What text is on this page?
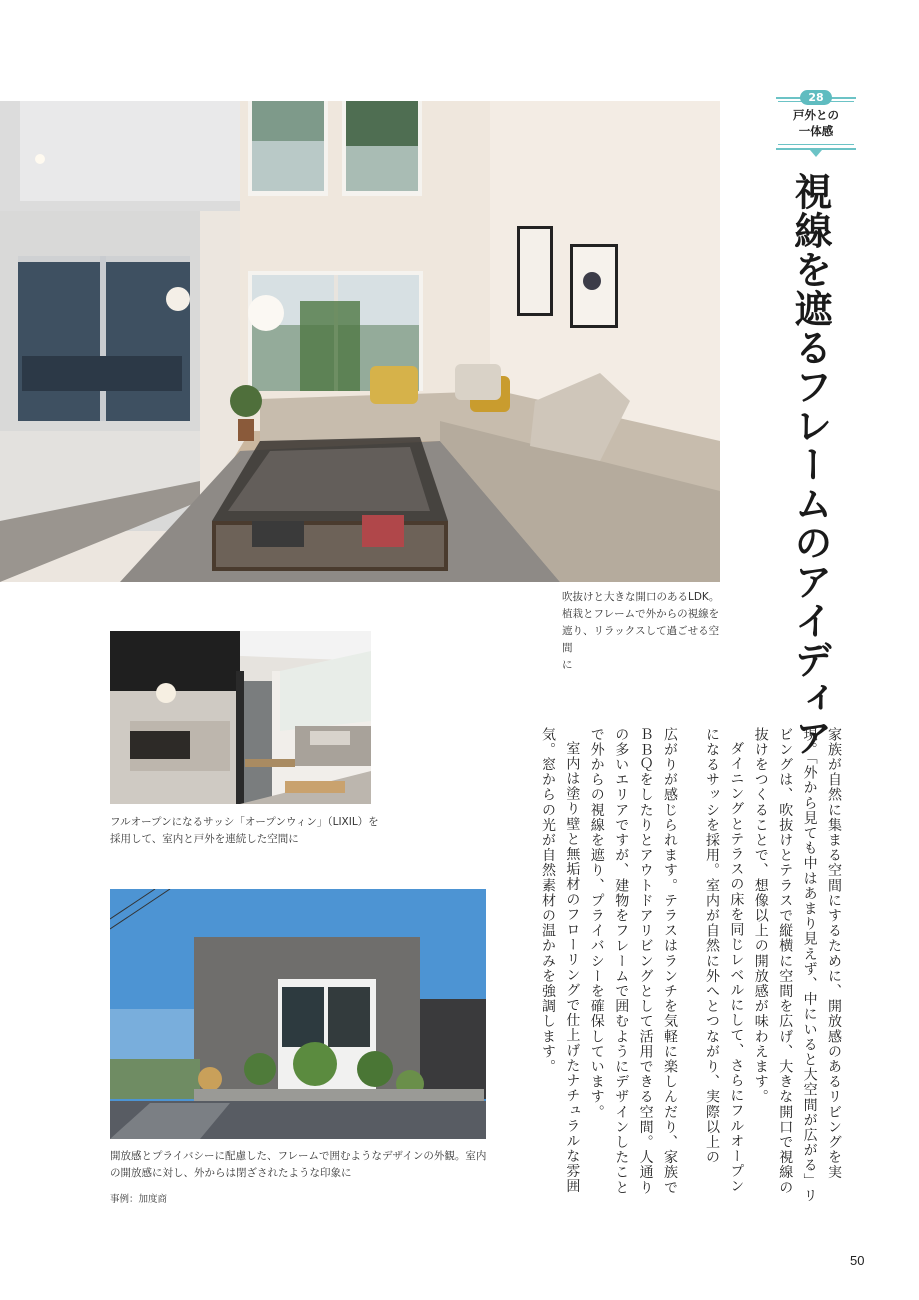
吹抜けと大きな開口のあるLDK。
植栽とフレームで外からの視線を
遮り、リラックスして過ごせる空間
に

フルオープンになるサッシ「オープンウィン」（LIXIL）を
採用して、室内と戸外を連続した空間に

開放感とプライバシーに配慮した、フレームで囲むようなデザインの外観。室内
の開放感に対し、外からは閉ざされたような印象に

事例：加度商
28
戸外との
一体感
視線を遮るフレームのアイディア

家族が自然に集まる空間にするために、開放感のあるリビングを実現。「外から見ても中はあまり見えず、中にいると大空間が広がる」リビングは、吹抜けとテラスで縦横に空間を広げ、大きな開口で視線の抜けをつくることで、想像以上の開放感が味わえます。

ダイニングとテラスの床を同じレベルにして、さらにフルオープンになるサッシを採用。室内が自然に外へとつながり、実際以上の

広がりが感じられます。テラスはランチを気軽に楽しんだり、家族でＢＢＱをしたりとアウトドアリビングとして活用できる空間。人通りの多いエリアですが、建物をフレームで囲むようにデザインしたことで外からの視線を遮り、プライバシーを確保しています。

室内は塗り壁と無垢材のフローリングで仕上げたナチュラルな雰囲気。窓からの光が自然素材の温かみを強調します。

50
